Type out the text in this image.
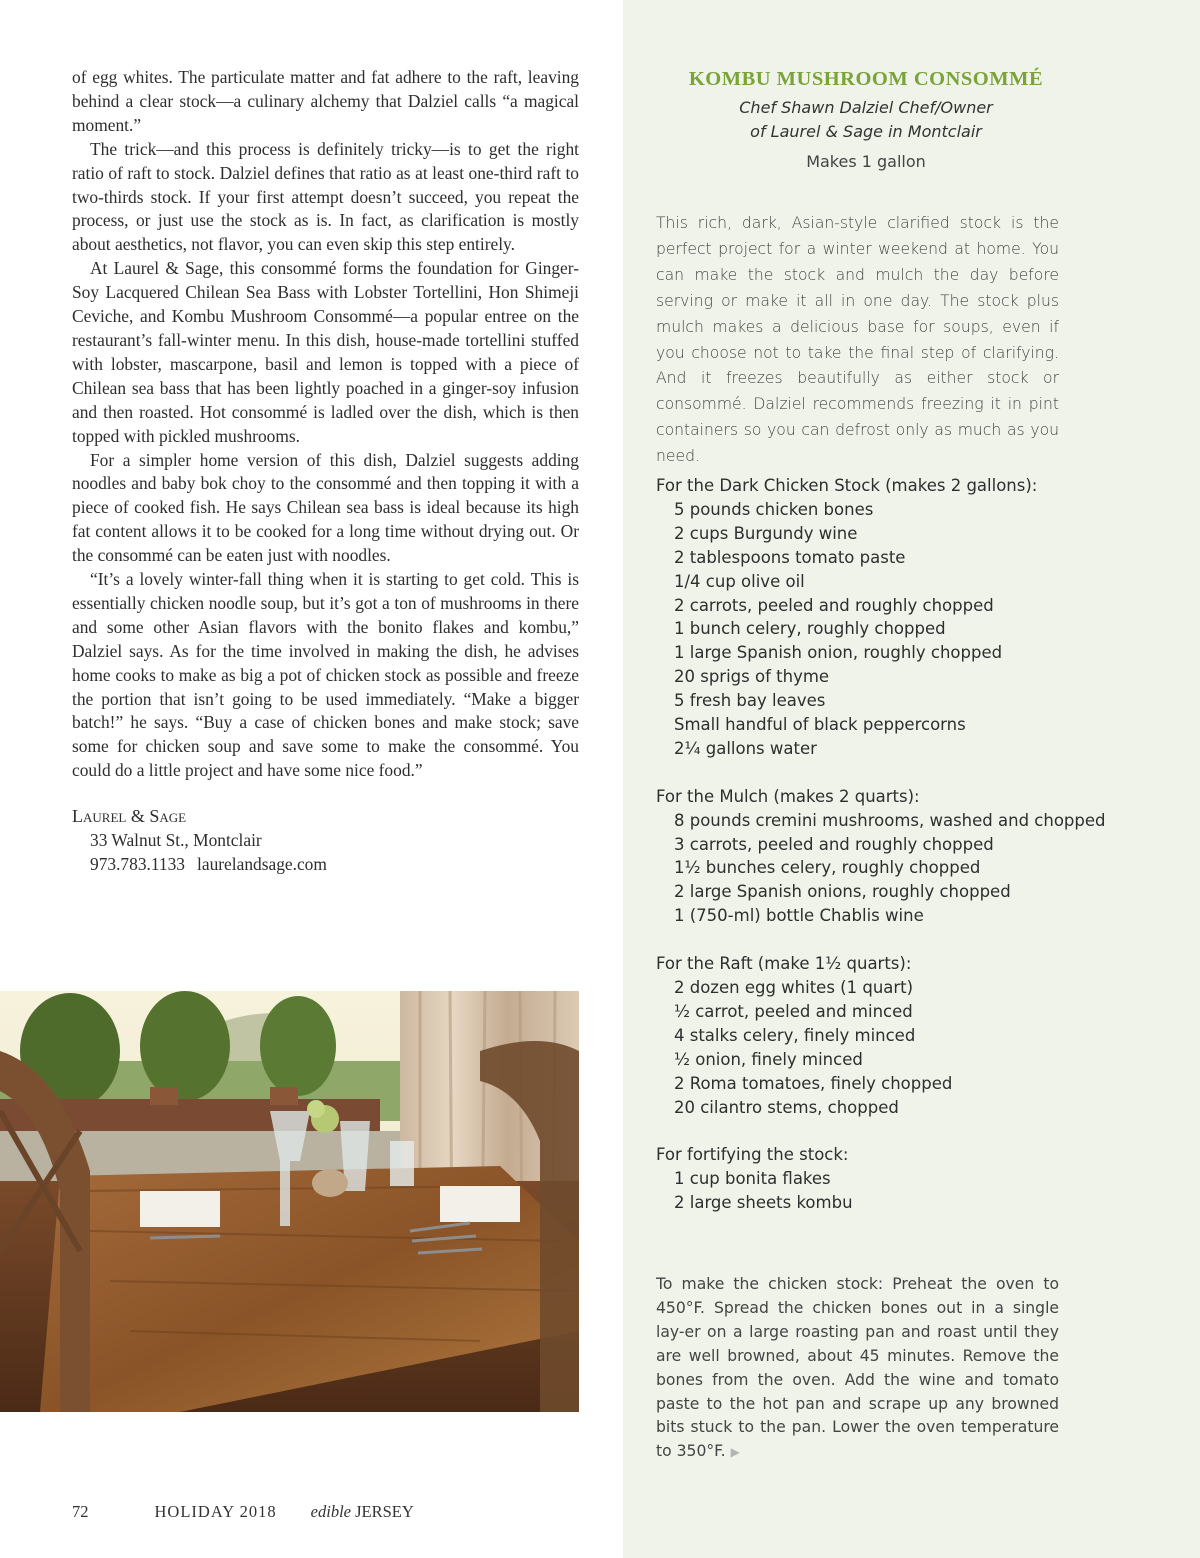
of egg whites. The particulate matter and fat adhere to the raft, leaving behind a clear stock—a culinary alchemy that Dalziel calls “a magical moment.”

The trick—and this process is definitely tricky—is to get the right ratio of raft to stock. Dalziel defines that ratio as at least one-third raft to two-thirds stock. If your first attempt doesn’t succeed, you repeat the process, or just use the stock as is. In fact, as clarification is mostly about aesthetics, not flavor, you can even skip this step entirely.

At Laurel & Sage, this consommé forms the foundation for Ginger-Soy Lacquered Chilean Sea Bass with Lobster Tortellini, Hon Shimeji Ceviche, and Kombu Mushroom Consommé—a popular entree on the restaurant’s fall-winter menu. In this dish, house-made tortellini stuffed with lobster, mascarpone, basil and lemon is topped with a piece of Chilean sea bass that has been lightly poached in a ginger-soy infusion and then roasted. Hot consommé is ladled over the dish, which is then topped with pickled mushrooms.

For a simpler home version of this dish, Dalziel suggests adding noodles and baby bok choy to the consommé and then topping it with a piece of cooked fish. He says Chilean sea bass is ideal because its high fat content allows it to be cooked for a long time without drying out. Or the consommé can be eaten just with noodles.

“It’s a lovely winter-fall thing when it is starting to get cold. This is essentially chicken noodle soup, but it’s got a ton of mushrooms in there and some other Asian flavors with the bonito flakes and kombu,” Dalziel says. As for the time involved in making the dish, he advises home cooks to make as big a pot of chicken stock as possible and freeze the portion that isn’t going to be used immediately. “Make a bigger batch!” he says. “Buy a case of chicken bones and make stock; save some for chicken soup and save some to make the consommé. You could do a little project and have some nice food.”

Laurel & Sage
33 Walnut St., Montclair
973.783.1133 laurelandsage.com
72	HOLIDAY 2018 edible JERSEY
KOMBU MUSHROOM CONSOMMÉ
Chef Shawn Dalziel Chef/Owner
of Laurel & Sage in Montclair
Makes 1 gallon
This rich, dark, Asian-style clarified stock is the perfect project for a winter weekend at home. You can make the stock and mulch the day before serving or make it all in one day. The stock plus mulch makes a delicious base for soups, even if you choose not to take the final step of clarifying. And it freezes beautifully as either stock or consommé. Dalziel recommends freezing it in pint containers so you can defrost only as much as you need.
For the Dark Chicken Stock (makes 2 gallons):
5 pounds chicken bones
2 cups Burgundy wine
2 tablespoons tomato paste
1/4 cup olive oil
2 carrots, peeled and roughly chopped
1 bunch celery, roughly chopped
1 large Spanish onion, roughly chopped
20 sprigs of thyme
5 fresh bay leaves
Small handful of black peppercorns
2¼ gallons water
For the Mulch (makes 2 quarts):
8 pounds cremini mushrooms, washed and chopped
3 carrots, peeled and roughly chopped
1½ bunches celery, roughly chopped
2 large Spanish onions, roughly chopped
1 (750-ml) bottle Chablis wine
For the Raft (make 1½ quarts):
2 dozen egg whites (1 quart)
½ carrot, peeled and minced
4 stalks celery, finely minced
½ onion, finely minced
2 Roma tomatoes, finely chopped
20 cilantro stems, chopped
For fortifying the stock:
1 cup bonita flakes
2 large sheets kombu
To make the chicken stock: Preheat the oven to 450°F. Spread the chicken bones out in a single lay-er on a large roasting pan and roast until they are well browned, about 45 minutes. Remove the bones from the oven. Add the wine and tomato paste to the hot pan and scrape up any browned bits stuck to the pan. Lower the oven temperature to 350°F. ▶
